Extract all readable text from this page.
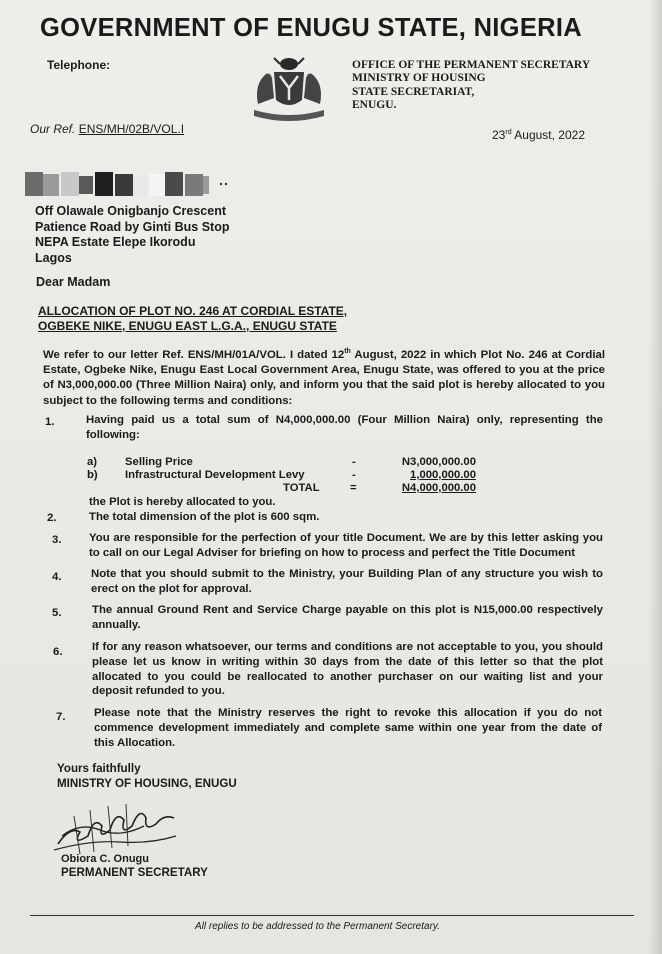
GOVERNMENT OF ENUGU STATE, NIGERIA
Telephone:	OFFICE OF THE PERMANENT SECRETARY
MINISTRY OF HOUSING
STATE SECRETARIAT,
ENUGU.
Our Ref. ENS/MH/02B/VOL.I	23rd August, 2022
Off Olawale Onigbanjo Crescent
Patience Road by Ginti Bus Stop
NEPA Estate Elepe Ikorodu
Lagos
Dear Madam
ALLOCATION OF PLOT NO. 246 AT CORDIAL ESTATE,
OGBEKE NIKE, ENUGU EAST L.G.A., ENUGU STATE
We refer to our letter Ref. ENS/MH/01A/VOL. I dated 12th August, 2022 in which Plot No. 246 at Cordial Estate, Ogbeke Nike, Enugu East Local Government Area, Enugu State, was offered to you at the price of N3,000,000.00 (Three Million Naira) only, and inform you that the said plot is hereby allocated to you subject to the following terms and conditions:
1.	Having paid us a total sum of N4,000,000.00 (Four Million Naira) only, representing the following:
a) Selling Price	-	N3,000,000.00
b) Infrastructural Development Levy	-	1,000,000.00
TOTAL	=	N4,000,000.00
the Plot is hereby allocated to you.
2.	The total dimension of the plot is 600 sqm.
3. You are responsible for the perfection of your title Document. We are by this letter asking you to call on our Legal Adviser for briefing on how to process and perfect the Title Document
4.	Note that you should submit to the Ministry, your Building Plan of any structure you wish to erect on the plot for approval.
5.	The annual Ground Rent and Service Charge payable on this plot is N15,000.00 respectively annually.
6.	If for any reason whatsoever, our terms and conditions are not acceptable to you, you should please let us know in writing within 30 days from the date of this letter so that the plot allocated to you could be reallocated to another purchaser on our waiting list and your deposit refunded to you.
7.	Please note that the Ministry reserves the right to revoke this allocation if you do not commence development immediately and complete same within one year from the date of this Allocation.
Yours faithfully
MINISTRY OF HOUSING, ENUGU
Obiora C. Onugu
PERMANENT SECRETARY
All replies to be addressed to the Permanent Secretary.
